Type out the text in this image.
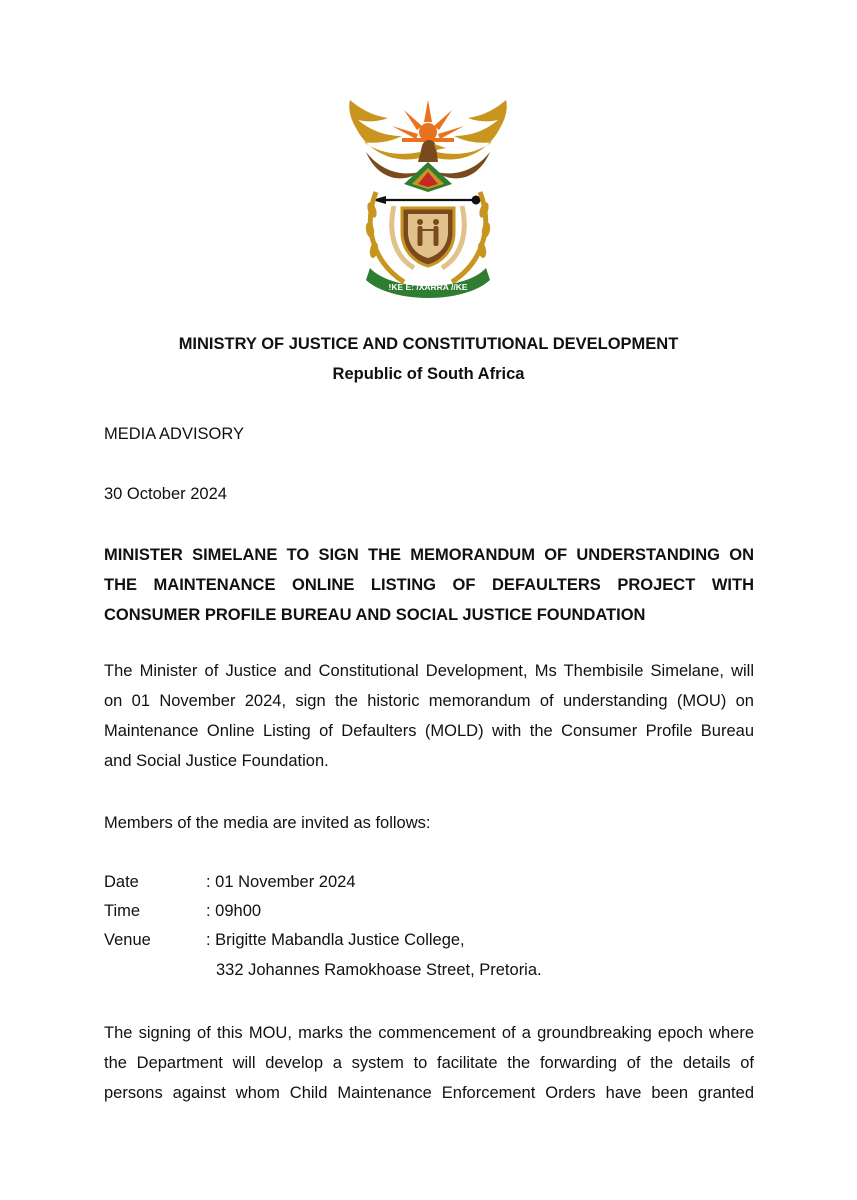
!KE E: /XARRA //KE
MINISTRY OF JUSTICE AND CONSTITUTIONAL DEVELOPMENT
Republic of South Africa
MEDIA ADVISORY
30 October 2024
MINISTER SIMELANE TO SIGN THE MEMORANDUM OF UNDERSTANDING ON
THE MAINTENANCE ONLINE LISTING OF DEFAULTERS PROJECT WITH
CONSUMER PROFILE BUREAU AND SOCIAL JUSTICE FOUNDATION
The Minister of Justice and Constitutional Development, Ms Thembisile Simelane, will
on 01 November 2024, sign the historic memorandum of understanding (MOU) on
Maintenance Online Listing of Defaulters (MOLD) with the Consumer Profile Bureau
and Social Justice Foundation.
Members of the media are invited as follows:
Date	: 01 November 2024
Time	: 09h00
Venue	: Brigitte Mabandla Justice College,
332 Johannes Ramokhoase Street, Pretoria.
The signing of this MOU, marks the commencement of a groundbreaking epoch where
the Department will develop a system to facilitate the forwarding of the details of
persons against whom Child Maintenance Enforcement Orders have been granted
